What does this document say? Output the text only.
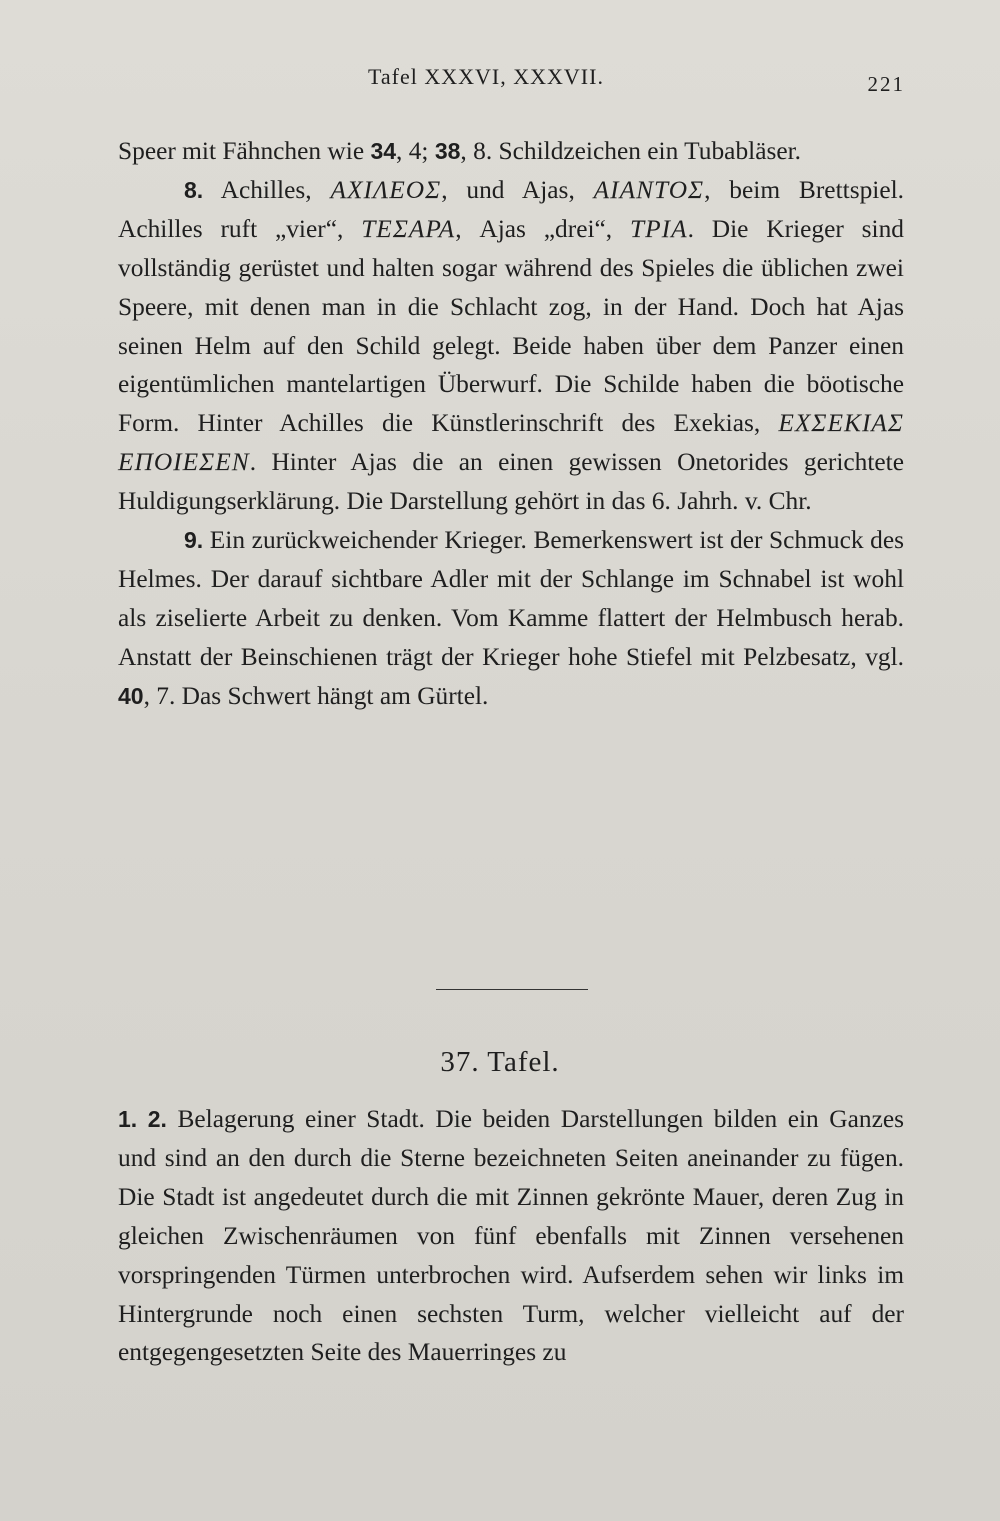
Tafel XXXVI, XXXVII.	221

Speer mit Fähnchen wie 34, 4; 38, 8. Schildzeichen ein Tubabläser.

8. Achilles, ΑΧΙΛΕΟΣ, und Ajas, ΑΙΑΝΤΟΣ, beim Brettspiel. Achilles ruft „vier“, ΤΕΣΑΡΑ, Ajas „drei“, ΤΡΙΑ. Die Krieger sind vollständig gerüstet und halten sogar während des Spieles die üblichen zwei Speere, mit denen man in die Schlacht zog, in der Hand. Doch hat Ajas seinen Helm auf den Schild gelegt. Beide haben über dem Panzer einen eigentümlichen mantelartigen Überwurf. Die Schilde haben die böotische Form. Hinter Achilles die Künstlerinschrift des Exekias, ΕΧΣΕΚΙΑΣ ΕΠΟΙΕΣΕΝ. Hinter Ajas die an einen gewissen Onetorides gerichtete Huldigungserklärung. Die Darstellung gehört in das 6. Jahrh. v. Chr.

9. Ein zurückweichender Krieger. Bemerkenswert ist der Schmuck des Helmes. Der darauf sichtbare Adler mit der Schlange im Schnabel ist wohl als ziselierte Arbeit zu denken. Vom Kamme flattert der Helmbusch herab. Anstatt der Beinschienen trägt der Krieger hohe Stiefel mit Pelzbesatz, vgl. 40, 7. Das Schwert hängt am Gürtel.

37. Tafel.

1. 2. Belagerung einer Stadt. Die beiden Darstellungen bilden ein Ganzes und sind an den durch die Sterne bezeichneten Seiten aneinander zu fügen. Die Stadt ist angedeutet durch die mit Zinnen gekrönte Mauer, deren Zug in gleichen Zwischenräumen von fünf ebenfalls mit Zinnen versehenen vorspringenden Türmen unterbrochen wird. Aufserdem sehen wir links im Hintergrunde noch einen sechsten Turm, welcher vielleicht auf der entgegengesetzten Seite des Mauerringes zu
